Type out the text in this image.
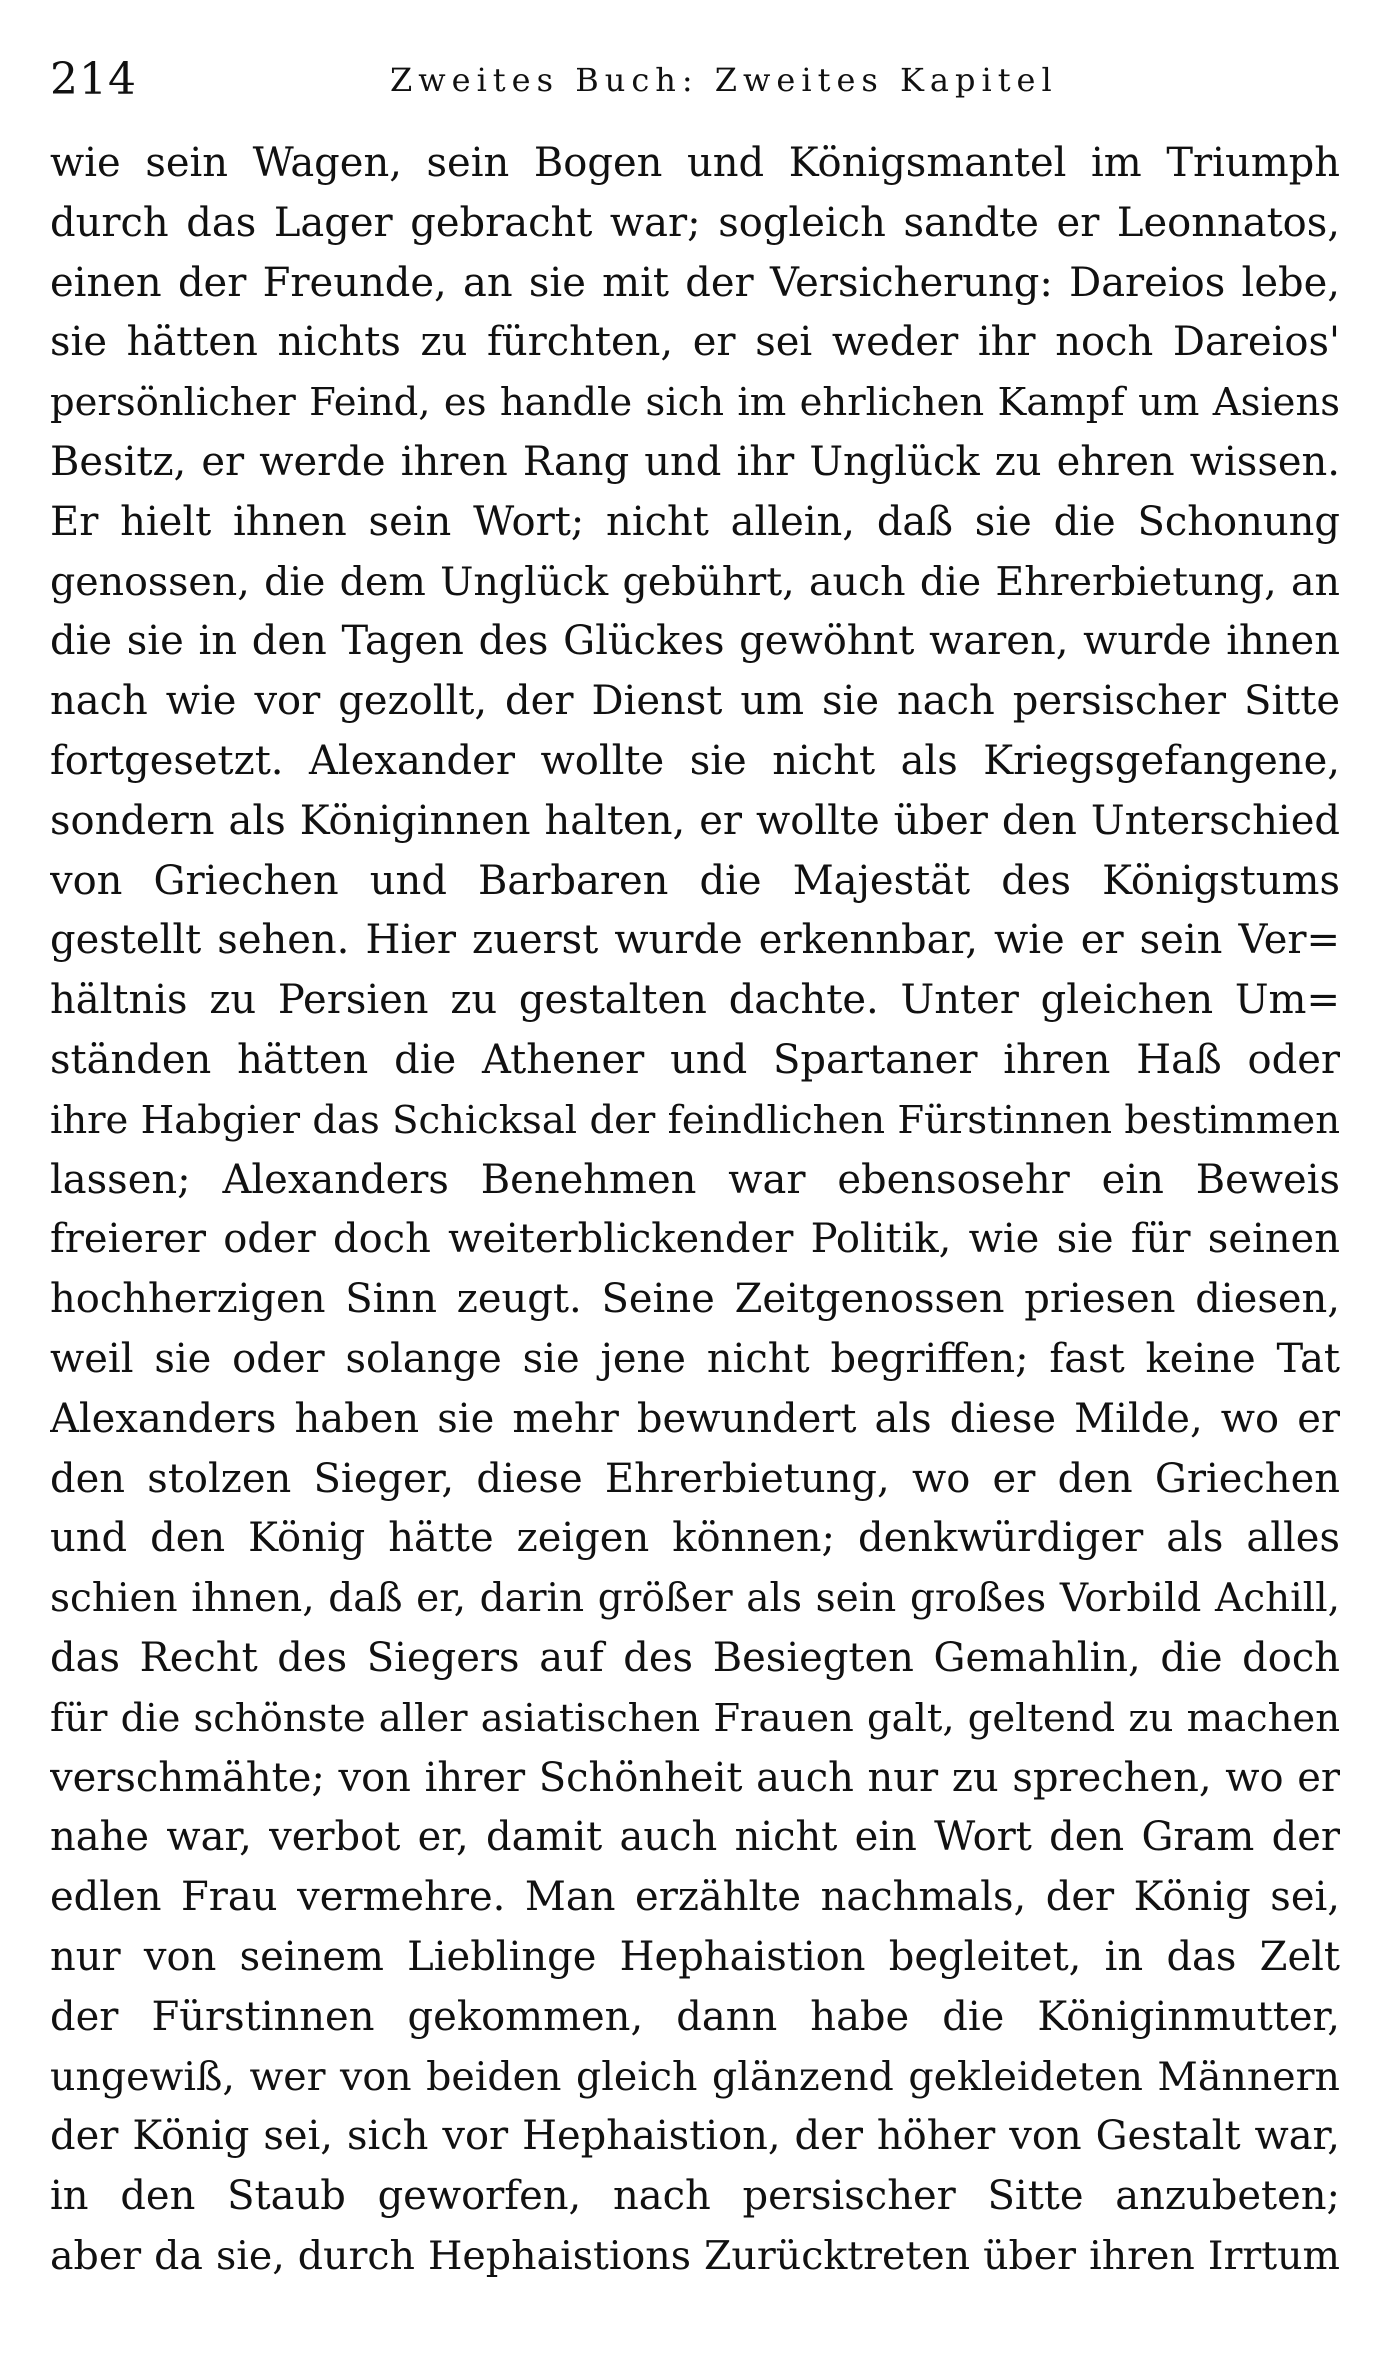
214	Zweites Buch: Zweites Kapitel
wie sein Wagen, sein Bogen und Königsmantel im Triumph
durch das Lager gebracht war; sogleich sandte er Leonnatos,
einen der Freunde, an sie mit der Versicherung: Dareios lebe,
sie hätten nichts zu fürchten, er sei weder ihr noch Dareios'
persönlicher Feind, es handle sich im ehrlichen Kampf um Asiens
Besitz, er werde ihren Rang und ihr Unglück zu ehren wissen.
Er hielt ihnen sein Wort; nicht allein, daß sie die Schonung
genossen, die dem Unglück gebührt, auch die Ehrerbietung, an
die sie in den Tagen des Glückes gewöhnt waren, wurde ihnen
nach wie vor gezollt, der Dienst um sie nach persischer Sitte
fortgesetzt. Alexander wollte sie nicht als Kriegsgefangene,
sondern als Königinnen halten, er wollte über den Unterschied
von Griechen und Barbaren die Majestät des Königstums
gestellt sehen. Hier zuerst wurde erkennbar, wie er sein Ver=
hältnis zu Persien zu gestalten dachte. Unter gleichen Um=
ständen hätten die Athener und Spartaner ihren Haß oder
ihre Habgier das Schicksal der feindlichen Fürstinnen bestimmen
lassen; Alexanders Benehmen war ebensosehr ein Beweis
freierer oder doch weiterblickender Politik, wie sie für seinen
hochherzigen Sinn zeugt. Seine Zeitgenossen priesen diesen,
weil sie oder solange sie jene nicht begriffen; fast keine Tat
Alexanders haben sie mehr bewundert als diese Milde, wo er
den stolzen Sieger, diese Ehrerbietung, wo er den Griechen
und den König hätte zeigen können; denkwürdiger als alles
schien ihnen, daß er, darin größer als sein großes Vorbild Achill,
das Recht des Siegers auf des Besiegten Gemahlin, die doch
für die schönste aller asiatischen Frauen galt, geltend zu machen
verschmähte; von ihrer Schönheit auch nur zu sprechen, wo er
nahe war, verbot er, damit auch nicht ein Wort den Gram der
edlen Frau vermehre. Man erzählte nachmals, der König sei,
nur von seinem Lieblinge Hephaistion begleitet, in das Zelt
der Fürstinnen gekommen, dann habe die Königinmutter,
ungewiß, wer von beiden gleich glänzend gekleideten Männern
der König sei, sich vor Hephaistion, der höher von Gestalt war,
in den Staub geworfen, nach persischer Sitte anzubeten;
aber da sie, durch Hephaistions Zurücktreten über ihren Irrtum
